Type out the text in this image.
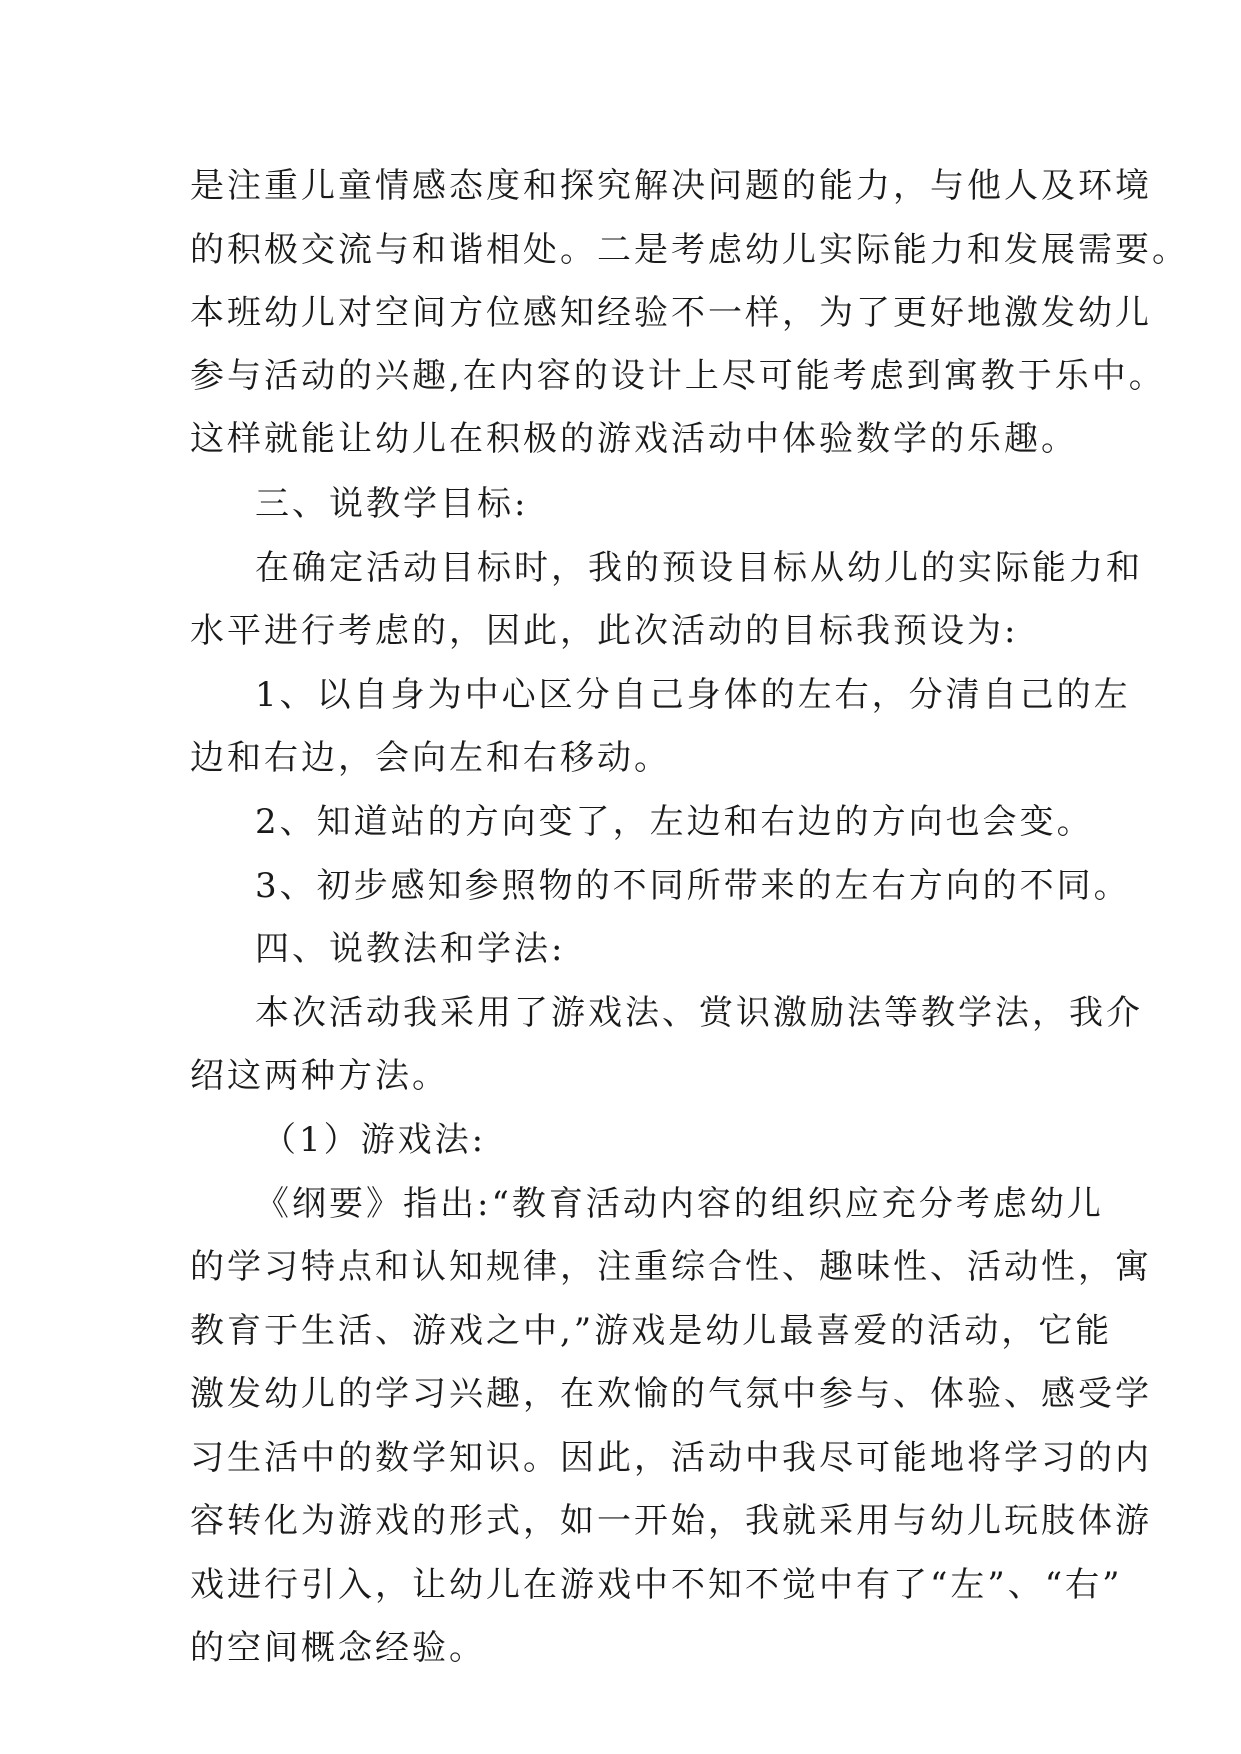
是注重儿童情感态度和探究解决问题的能力，与他人及环境
的积极交流与和谐相处。二是考虑幼儿实际能力和发展需要。
本班幼儿对空间方位感知经验不一样，为了更好地激发幼儿
参与活动的兴趣,在内容的设计上尽可能考虑到寓教于乐中。
这样就能让幼儿在积极的游戏活动中体验数学的乐趣。
三、说教学目标:
在确定活动目标时，我的预设目标从幼儿的实际能力和
水平进行考虑的，因此，此次活动的目标我预设为:
1、以自身为中心区分自己身体的左右，分清自己的左
边和右边，会向左和右移动。
2、知道站的方向变了，左边和右边的方向也会变。
3、初步感知参照物的不同所带来的左右方向的不同。
四、说教法和学法:
本次活动我采用了游戏法、赏识激励法等教学法，我介
绍这两种方法。
（1）游戏法:
《纲要》指出:“教育活动内容的组织应充分考虑幼儿
的学习特点和认知规律，注重综合性、趣味性、活动性，寓
教育于生活、游戏之中,”游戏是幼儿最喜爱的活动，它能
激发幼儿的学习兴趣，在欢愉的气氛中参与、体验、感受学
习生活中的数学知识。因此，活动中我尽可能地将学习的内
容转化为游戏的形式，如一开始，我就采用与幼儿玩肢体游
戏进行引入，让幼儿在游戏中不知不觉中有了“左”、“右”
的空间概念经验。
